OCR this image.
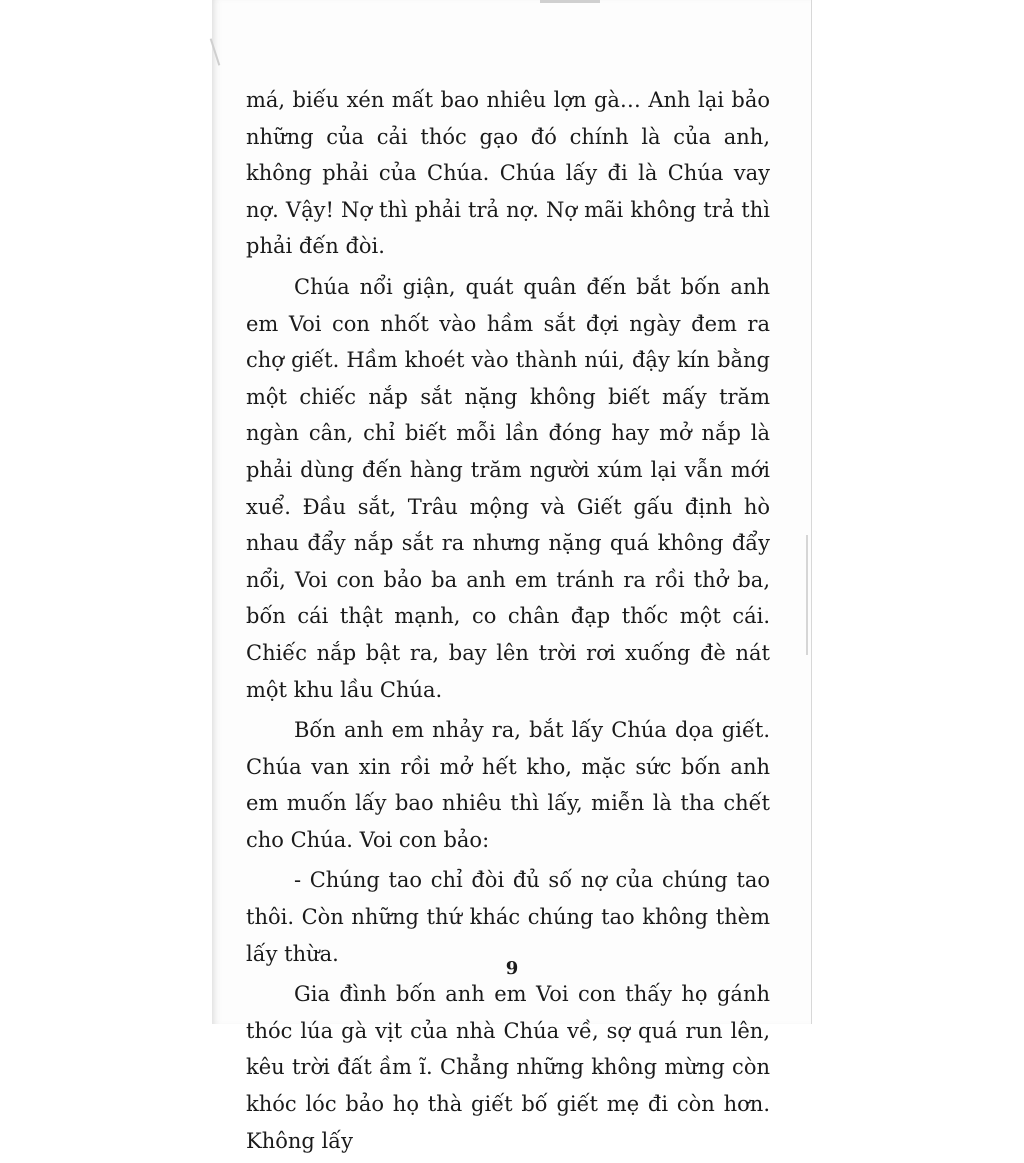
má, biếu xén mất bao nhiêu lợn gà… Anh lại bảo những của cải thóc gạo đó chính là của anh, không phải của Chúa. Chúa lấy đi là Chúa vay nợ. Vậy! Nợ thì phải trả nợ. Nợ mãi không trả thì phải đến đòi.

Chúa nổi giận, quát quân đến bắt bốn anh em Voi con nhốt vào hầm sắt đợi ngày đem ra chợ giết. Hầm khoét vào thành núi, đậy kín bằng một chiếc nắp sắt nặng không biết mấy trăm ngàn cân, chỉ biết mỗi lần đóng hay mở nắp là phải dùng đến hàng trăm người xúm lại vẫn mới xuể. Đầu sắt, Trâu mộng và Giết gấu định hò nhau đẩy nắp sắt ra nhưng nặng quá không đẩy nổi, Voi con bảo ba anh em tránh ra rồi thở ba, bốn cái thật mạnh, co chân đạp thốc một cái. Chiếc nắp bật ra, bay lên trời rơi xuống đè nát một khu lầu Chúa.

Bốn anh em nhảy ra, bắt lấy Chúa dọa giết. Chúa van xin rồi mở hết kho, mặc sức bốn anh em muốn lấy bao nhiêu thì lấy, miễn là tha chết cho Chúa. Voi con bảo:

- Chúng tao chỉ đòi đủ số nợ của chúng tao thôi. Còn những thứ khác chúng tao không thèm lấy thừa.

Gia đình bốn anh em Voi con thấy họ gánh thóc lúa gà vịt của nhà Chúa về, sợ quá run lên, kêu trời đất ầm ĩ. Chẳng những không mừng còn khóc lóc bảo họ thà giết bố giết mẹ đi còn hơn. Không lấy

9
